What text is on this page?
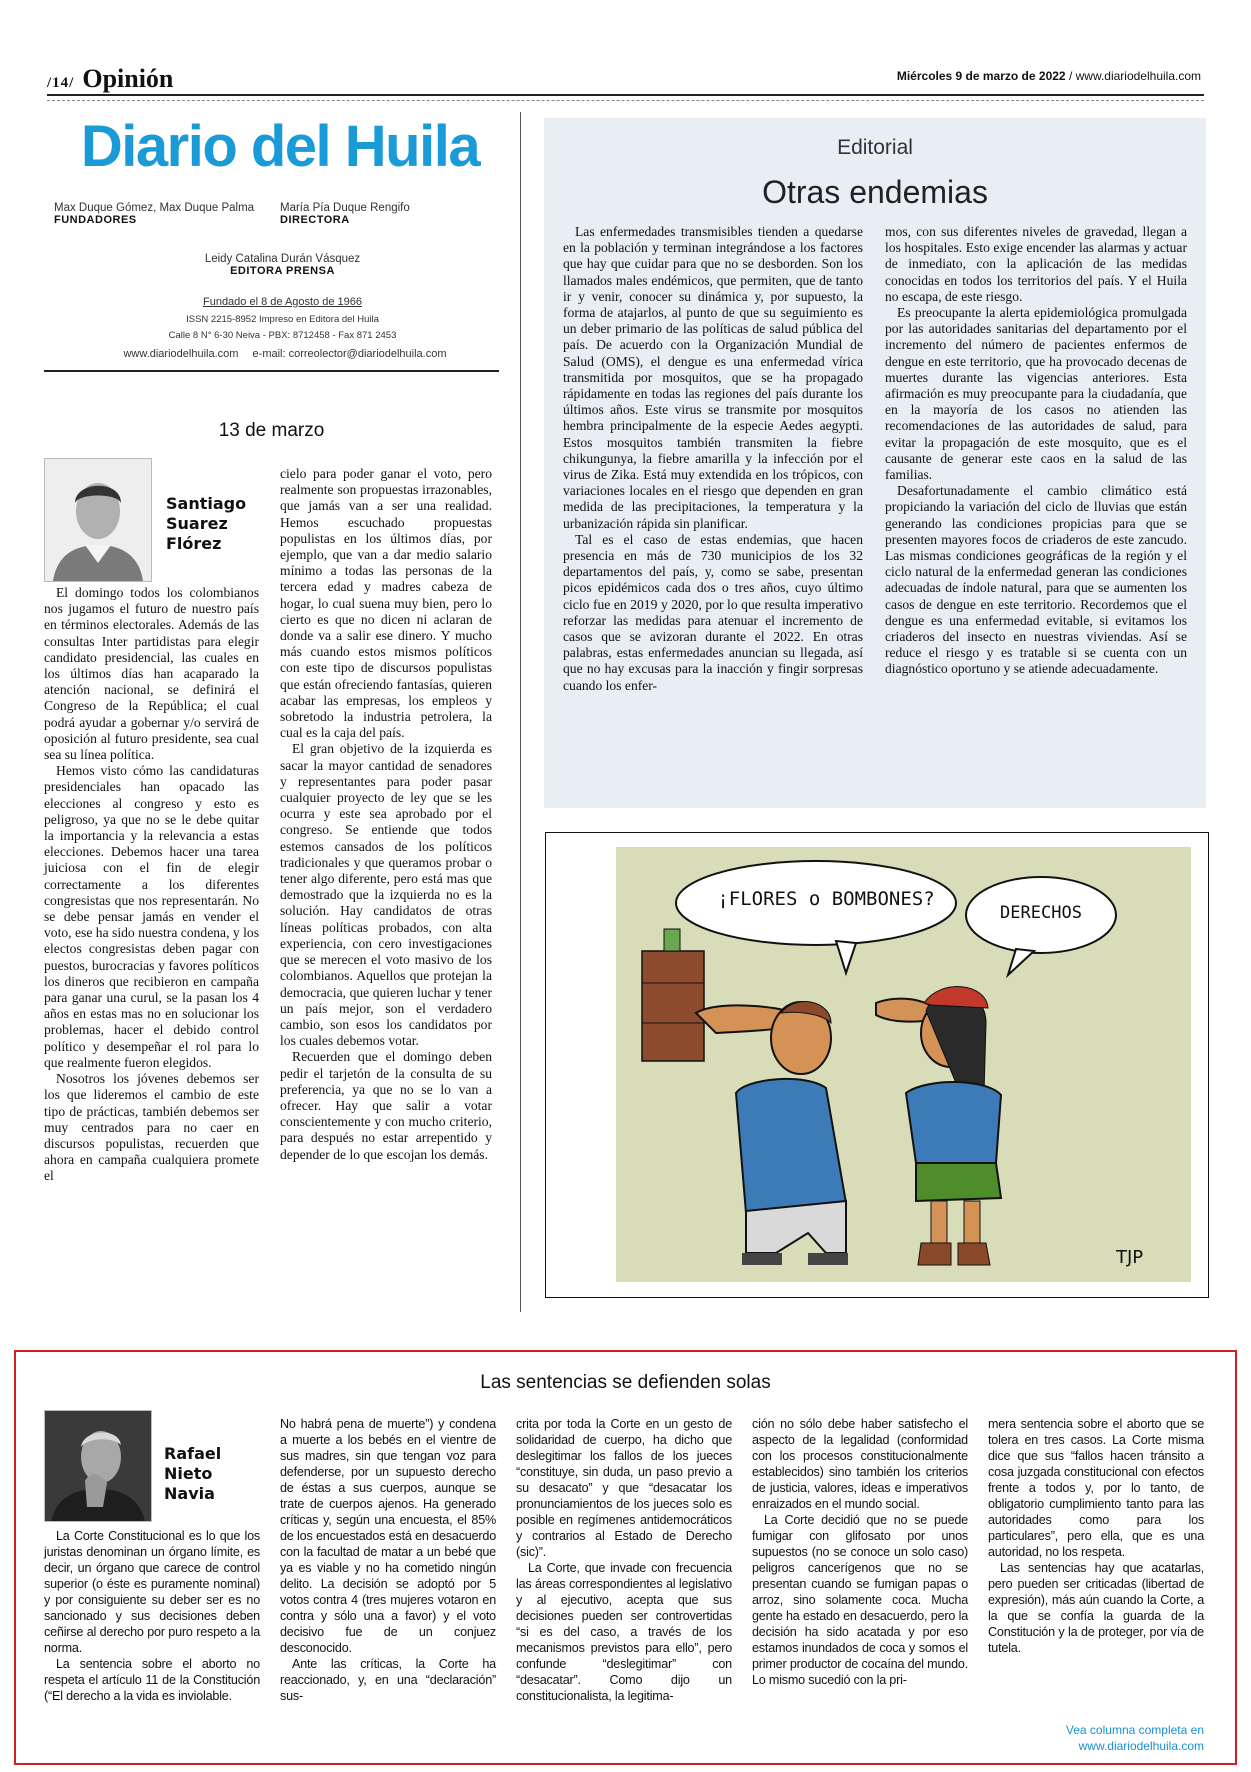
/14/ Opinión	Miércoles 9 de marzo de 2022 / www.diariodelhuila.com
Diario del Huila
Max Duque Gómez, Max Duque Palma
FUNDADORES
María Pía Duque Rengifo
DIRECTORA
Leidy Catalina Durán Vásquez
EDITORA PRENSA
Fundado el 8 de Agosto de 1966
ISSN 2215-8952 Impreso en Editora del Huila
Calle 8 N° 6-30 Neiva - PBX: 8712458 - Fax 871 2453
www.diariodelhuila.com e-mail: correolector@diariodelhuila.com
Editorial
Otras endemias

Las enfermedades transmisibles tienden a quedarse en la población y terminan integrándose a los factores que hay que cuidar para que no se desborden. Son los llamados males endémicos, que permiten, que de tanto ir y venir, conocer su dinámica y, por supuesto, la forma de atajarlos, al punto de que su seguimiento es un deber primario de las políticas de salud pública del país. De acuerdo con la Organización Mundial de Salud (OMS), el dengue es una enfermedad vírica transmitida por mosquitos, que se ha propagado rápidamente en todas las regiones del país durante los últimos años. Este virus se transmite por mosquitos hembra principalmente de la especie Aedes aegypti. Estos mosquitos también transmiten la fiebre chikungunya, la fiebre amarilla y la infección por el virus de Zika. Está muy extendida en los trópicos, con variaciones locales en el riesgo que dependen en gran medida de las precipitaciones, la temperatura y la urbanización rápida sin planificar.

Tal es el caso de estas endemias, que hacen presencia en más de 730 municipios de los 32 departamentos del país, y, como se sabe, presentan picos epidémicos cada dos o tres años, cuyo último ciclo fue en 2019 y 2020, por lo que resulta imperativo reforzar las medidas para atenuar el incremento de casos que se avizoran durante el 2022. En otras palabras, estas enfermedades anuncian su llegada, así que no hay excusas para la inacción y fingir sorpresas cuando los enfer-

mos, con sus diferentes niveles de gravedad, llegan a los hospitales. Esto exige encender las alarmas y actuar de inmediato, con la aplicación de las medidas conocidas en todos los territorios del país. Y el Huila no escapa, de este riesgo.

Es preocupante la alerta epidemiológica promulgada por las autoridades sanitarias del departamento por el incremento del número de pacientes enfermos de dengue en este territorio, que ha provocado decenas de muertes durante las vigencias anteriores. Esta afirmación es muy preocupante para la ciudadanía, que en la mayoría de los casos no atienden las recomendaciones de las autoridades de salud, para evitar la propagación de este mosquito, que es el causante de generar este caos en la salud de las familias.

Desafortunadamente el cambio climático está propiciando la variación del ciclo de lluvias que están generando las condiciones propicias para que se presenten mayores focos de criaderos de este zancudo. Las mismas condiciones geográficas de la región y el ciclo natural de la enfermedad generan las condiciones adecuadas de índole natural, para que se aumenten los casos de dengue en este territorio. Recordemos que el dengue es una enfermedad evitable, si evitamos los criaderos del insecto en nuestras viviendas. Así se reduce el riesgo y es tratable si se cuenta con un diagnóstico oportuno y se atiende adecuadamente.

13 de marzo
Santiago Suarez Flórez

El domingo todos los colombianos nos jugamos el futuro de nuestro país en términos electorales. Además de las consultas Inter partidistas para elegir candidato presidencial, las cuales en los últimos días han acaparado la atención nacional, se definirá el Congreso de la República; el cual podrá ayudar a gobernar y/o servirá de oposición al futuro presidente, sea cual sea su línea política.

Hemos visto cómo las candidaturas presidenciales han opacado las elecciones al congreso y esto es peligroso, ya que no se le debe quitar la importancia y la relevancia a estas elecciones. Debemos hacer una tarea juiciosa con el fin de elegir correctamente a los diferentes congresistas que nos representarán. No se debe pensar jamás en vender el voto, ese ha sido nuestra condena, y los electos congresistas deben pagar con puestos, burocracias y favores políticos los dineros que recibieron en campaña para ganar una curul, se la pasan los 4 años en estas mas no en solucionar los problemas, hacer el debido control político y desempeñar el rol para lo que realmente fueron elegidos.

Nosotros los jóvenes debemos ser los que lideremos el cambio de este tipo de prácticas, también debemos ser muy centrados para no caer en discursos populistas, recuerden que ahora en campaña cualquiera promete el

cielo para poder ganar el voto, pero realmente son propuestas irrazonables, que jamás van a ser una realidad. Hemos escuchado propuestas populistas en los últimos días, por ejemplo, que van a dar medio salario mínimo a todas las personas de la tercera edad y madres cabeza de hogar, lo cual suena muy bien, pero lo cierto es que no dicen ni aclaran de donde va a salir ese dinero. Y mucho más cuando estos mismos políticos con este tipo de discursos populistas que están ofreciendo fantasías, quieren acabar las empresas, los empleos y sobretodo la industria petrolera, la cual es la caja del país.

El gran objetivo de la izquierda es sacar la mayor cantidad de senadores y representantes para poder pasar cualquier proyecto de ley que se les ocurra y este sea aprobado por el congreso. Se entiende que todos estemos cansados de los políticos tradicionales y que queramos probar o tener algo diferente, pero está mas que demostrado que la izquierda no es la solución. Hay candidatos de otras líneas políticas probados, con alta experiencia, con cero investigaciones que se merecen el voto masivo de los colombianos. Aquellos que protejan la democracia, que quieren luchar y tener un país mejor, son el verdadero cambio, son esos los candidatos por los cuales debemos votar.

Recuerden que el domingo deben pedir el tarjetón de la consulta de su preferencia, ya que no se lo van a ofrecer. Hay que salir a votar conscientemente y con mucho criterio, para después no estar arrepentido y depender de lo que escojan los demás.

TJP
¡FLORES o BOMBONES?
DERECHOS
Las sentencias se defienden solas
Rafael Nieto Navia

La Corte Constitucional es lo que los juristas denominan un órgano límite, es decir, un órgano que carece de control superior (o éste es puramente nominal) y por consiguiente su deber ser es no sancionado y sus decisiones deben ceñirse al derecho por puro respeto a la norma.

La sentencia sobre el aborto no respeta el artículo 11 de la Constitución (“El derecho a la vida es inviolable.

No habrá pena de muerte”) y condena a muerte a los bebés en el vientre de sus madres, sin que tengan voz para defenderse, por un supuesto derecho de éstas a sus cuerpos, aunque se trate de cuerpos ajenos. Ha generado críticas y, según una encuesta, el 85% de los encuestados está en desacuerdo con la facultad de matar a un bebé que ya es viable y no ha cometido ningún delito. La decisión se adoptó por 5 votos contra 4 (tres mujeres votaron en contra y sólo una a favor) y el voto decisivo fue de un conjuez desconocido.

Ante las críticas, la Corte ha reaccionado, y, en una “declaración” sus-

crita por toda la Corte en un gesto de solidaridad de cuerpo, ha dicho que deslegitimar los fallos de los jueces “constituye, sin duda, un paso previo a su desacato” y que “desacatar los pronunciamientos de los jueces solo es posible en regímenes antidemocráticos y contrarios al Estado de Derecho (sic)”.

La Corte, que invade con frecuencia las áreas correspondientes al legislativo y al ejecutivo, acepta que sus decisiones pueden ser controvertidas “si es del caso, a través de los mecanismos previstos para ello”, pero confunde “deslegitimar” con “desacatar”. Como dijo un constitucionalista, la legitima-

ción no sólo debe haber satisfecho el aspecto de la legalidad (conformidad con los procesos constitucionalmente establecidos) sino también los criterios de justicia, valores, ideas e imperativos enraizados en el mundo social.

La Corte decidió que no se puede fumigar con glifosato por unos supuestos (no se conoce un solo caso) peligros cancerígenos que no se presentan cuando se fumigan papas o arroz, sino solamente coca. Mucha gente ha estado en desacuerdo, pero la decisión ha sido acatada y por eso estamos inundados de coca y somos el primer productor de cocaína del mundo. Lo mismo sucedió con la pri-

mera sentencia sobre el aborto que se tolera en tres casos. La Corte misma dice que sus “fallos hacen tránsito a cosa juzgada constitucional con efectos frente a todos y, por lo tanto, de obligatorio cumplimiento tanto para las autoridades como para los particulares”, pero ella, que es una autoridad, no los respeta.

Las sentencias hay que acatarlas, pero pueden ser criticadas (libertad de expresión), más aún cuando la Corte, a la que se confía la guarda de la Constitución y la de proteger, por vía de tutela.

Vea columna completa en
www.diariodelhuila.com
